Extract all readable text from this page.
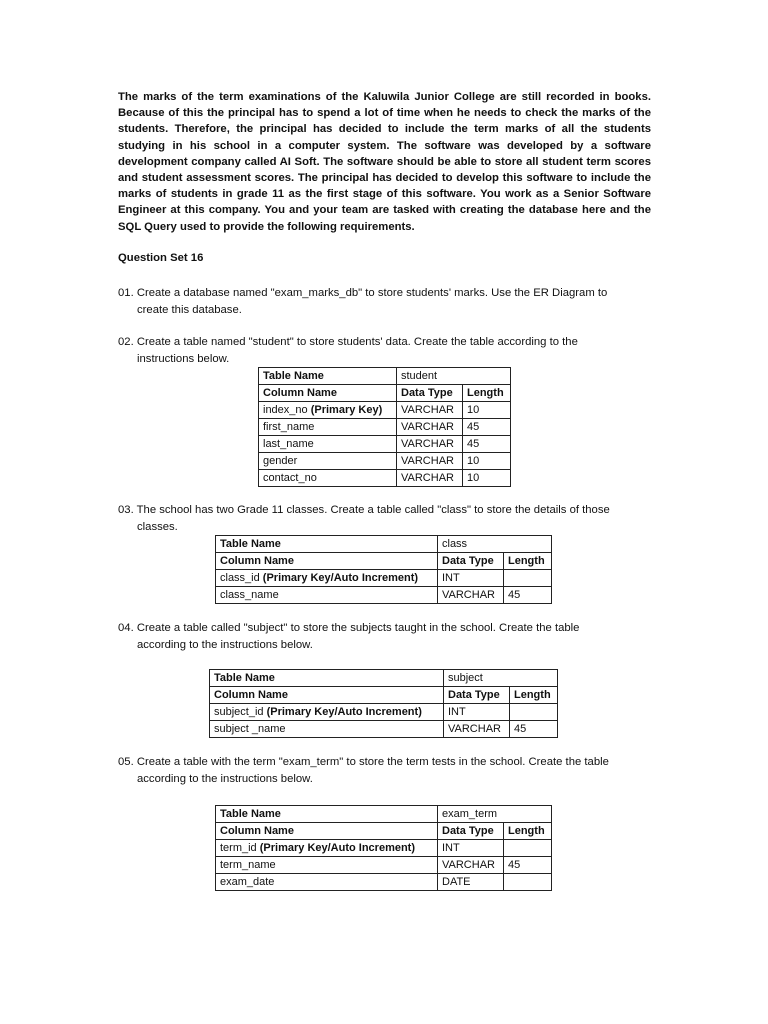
The marks of the term examinations of the Kaluwila Junior College are still recorded in books. Because of this the principal has to spend a lot of time when he needs to check the marks of the students. Therefore, the principal has decided to include the term marks of all the students studying in his school in a computer system. The software was developed by a software development company called AI Soft. The software should be able to store all student term scores and student assessment scores. The principal has decided to develop this software to include the marks of students in grade 11 as the first stage of this software. You work as a Senior Software Engineer at this company. You and your team are tasked with creating the database here and the SQL Query used to provide the following requirements.

Question Set 16

01. Create a database named "exam_marks_db" to store students' marks. Use the ER Diagram to
create this database.

02. Create a table named "student" to store students' data. Create the table according to the
instructions below.

Table Name	student	
Column Name	Data Type	Length
index_no (Primary Key)	VARCHAR	10
first_name	VARCHAR	45
last_name	VARCHAR	45
gender	VARCHAR	10
contact_no	VARCHAR	10

03. The school has two Grade 11 classes. Create a table called "class" to store the details of those
classes.

Table Name	class	
Column Name	Data Type	Length
class_id (Primary Key/Auto Increment)	INT	
class_name	VARCHAR	45

04. Create a table called "subject" to store the subjects taught in the school. Create the table
according to the instructions below.

Table Name	subject	
Column Name	Data Type	Length
subject_id (Primary Key/Auto Increment)	INT	
subject _name	VARCHAR	45

05. Create a table with the term "exam_term" to store the term tests in the school. Create the table
according to the instructions below.

Table Name	exam_term	
Column Name	Data Type	Length
term_id (Primary Key/Auto Increment)	INT	
term_name	VARCHAR	45
exam_date	DATE	
